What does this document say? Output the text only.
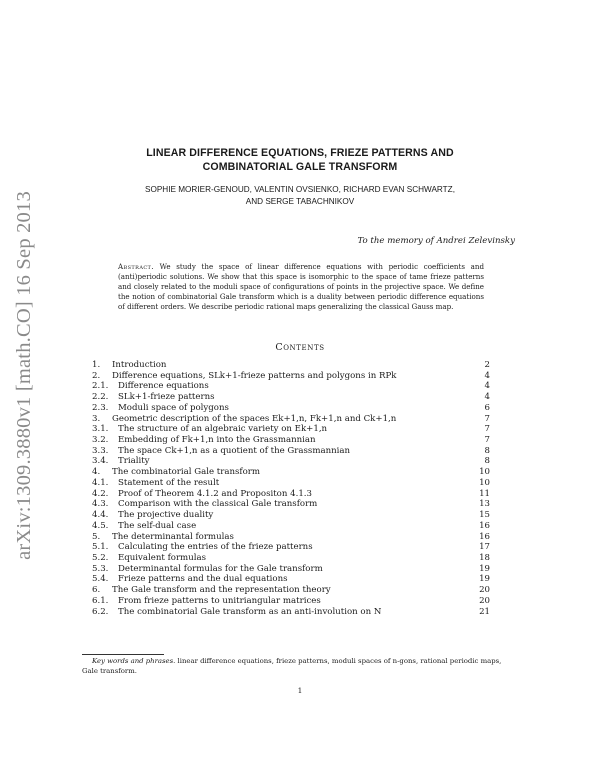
arXiv:1309.3880v1 [math.CO] 16 Sep 2013
LINEAR DIFFERENCE EQUATIONS, FRIEZE PATTERNS AND
COMBINATORIAL GALE TRANSFORM
SOPHIE MORIER-GENOUD, VALENTIN OVSIENKO, RICHARD EVAN SCHWARTZ,
AND SERGE TABACHNIKOV
To the memory of Andrei Zelevinsky
Abstract. We study the space of linear difference equations with periodic coefficients and (anti)periodic solutions. We show that this space is isomorphic to the space of tame frieze patterns and closely related to the moduli space of configurations of points in the projective space. We define the notion of combinatorial Gale transform which is a duality between periodic difference equations of different orders. We describe periodic rational maps generalizing the classical Gauss map.
Contents
1.	Introduction	2
2.	Difference equations, SLk+1-frieze patterns and polygons in RPk	4
2.1.	Difference equations	4
2.2.	SLk+1-frieze patterns	4
2.3.	Moduli space of polygons	6
3.	Geometric description of the spaces Ek+1,n, Fk+1,n and Ck+1,n	7
3.1.	The structure of an algebraic variety on Ek+1,n	7
3.2.	Embedding of Fk+1,n into the Grassmannian	7
3.3.	The space Ck+1,n as a quotient of the Grassmannian	8
3.4.	Triality	8
4.	The combinatorial Gale transform	10
4.1.	Statement of the result	10
4.2.	Proof of Theorem 4.1.2 and Propositon 4.1.3	11
4.3.	Comparison with the classical Gale transform	13
4.4.	The projective duality	15
4.5.	The self-dual case	16
5.	The determinantal formulas	16
5.1.	Calculating the entries of the frieze patterns	17
5.2.	Equivalent formulas	18
5.3.	Determinantal formulas for the Gale transform	19
5.4.	Frieze patterns and the dual equations	19
6.	The Gale transform and the representation theory	20
6.1.	From frieze patterns to unitriangular matrices	20
6.2.	The combinatorial Gale transform as an anti-involution on N	21
Key words and phrases. linear difference equations, frieze patterns, moduli spaces of n-gons, rational periodic maps, Gale transform.
1
